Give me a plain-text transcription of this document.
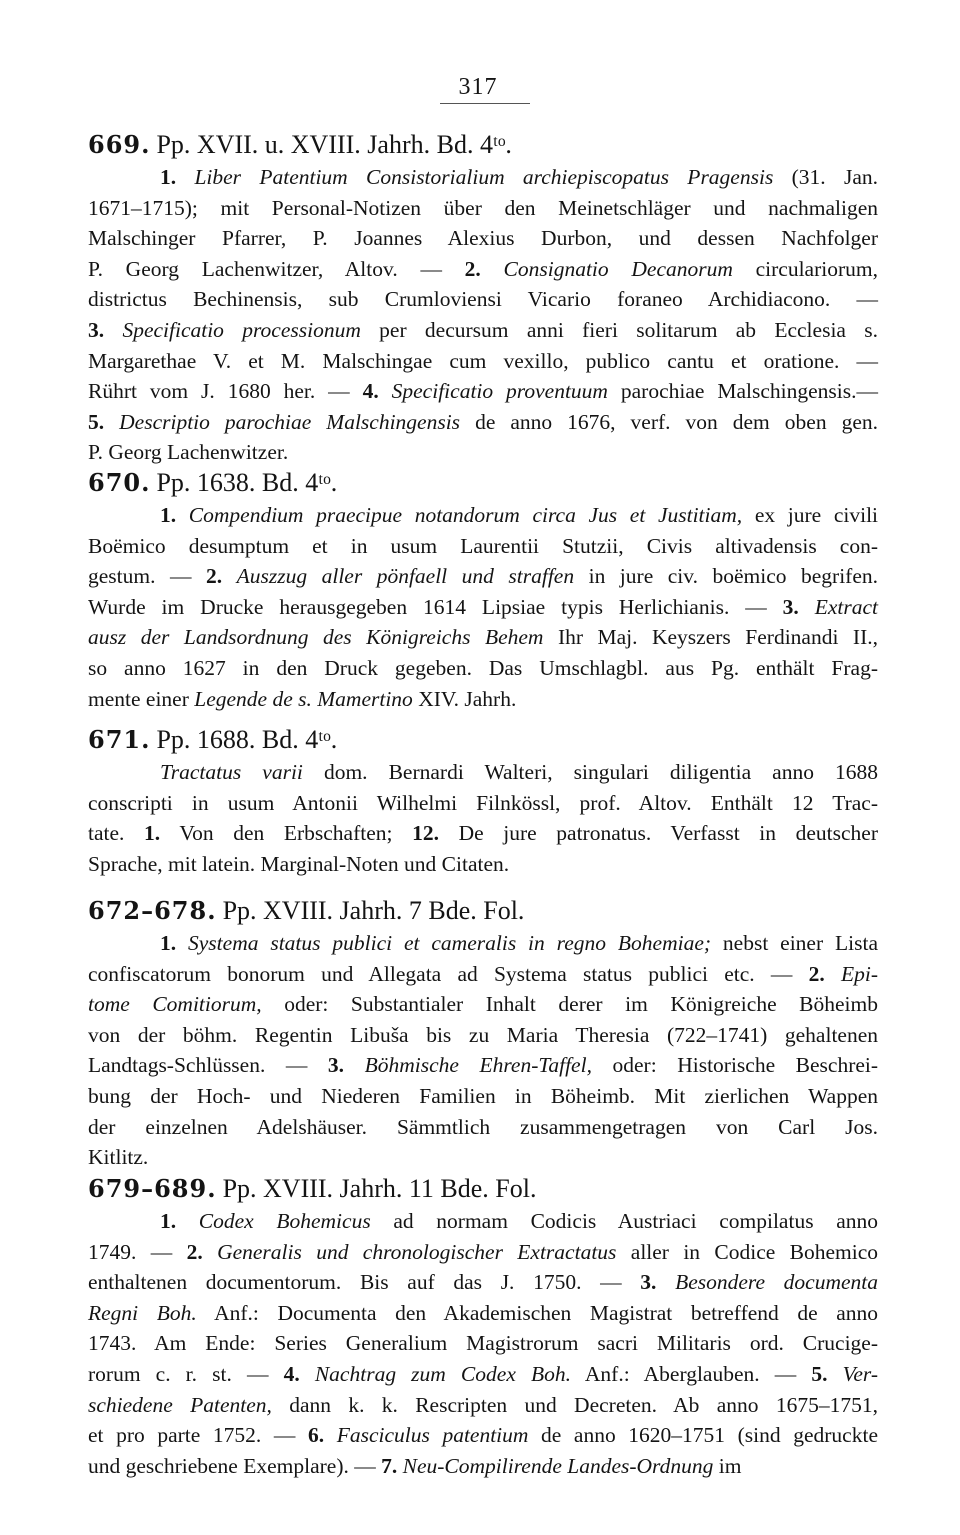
317
669. Pp. XVII. u. XVIII. Jahrh. Bd. 4ᵗᵒ.
1. Liber Patentium Consistorialium archiepiscopatus Pragensis (31. Jan.
1671–1715); mit Personal-Notizen über den Meinetschläger und nachmaligen
Malschinger Pfarrer, P. Joannes Alexius Durbon, und dessen Nachfolger
P. Georg Lachenwitzer, Altov. — 2. Consignatio Decanorum circulariorum,
districtus Bechinensis, sub Crumloviensi Vicario foraneo Archidiacono. —
3. Specificatio processionum per decursum anni fieri solitarum ab Ecclesia s.
Margarethae V. et M. Malschingae cum vexillo, publico cantu et oratione. —
Rührt vom J. 1680 her. — 4. Specificatio proventuum parochiae Malschingensis.—
5. Descriptio parochiae Malschingensis de anno 1676, verf. von dem oben gen.
P. Georg Lachenwitzer.
670. Pp. 1638. Bd. 4ᵗᵒ.
1. Compendium praecipue notandorum circa Jus et Justitiam, ex jure civili
Boëmico desumptum et in usum Laurentii Stutzii, Civis altivadensis con-
gestum. — 2. Auszzug aller pönfaell und straffen in jure civ. boëmico begrifen.
Wurde im Drucke herausgegeben 1614 Lipsiae typis Herlichianis. — 3. Extract
ausz der Landsordnung des Königreichs Behem Ihr Maj. Keyszers Ferdinandi II.,
so anno 1627 in den Druck gegeben. Das Umschlagbl. aus Pg. enthält Frag-
mente einer Legende de s. Mamertino XIV. Jahrh.
671. Pp. 1688. Bd. 4ᵗᵒ.
Tractatus varii dom. Bernardi Walteri, singulari diligentia anno 1688
conscripti in usum Antonii Wilhelmi Filnkössl, prof. Altov. Enthält 12 Trac-
tate. 1. Von den Erbschaften; 12. De jure patronatus. Verfasst in deutscher
Sprache, mit latein. Marginal-Noten und Citaten.
672–678. Pp. XVIII. Jahrh. 7 Bde. Fol.
1. Systema status publici et cameralis in regno Bohemiae; nebst einer Lista
confiscatorum bonorum und Allegata ad Systema status publici etc. — 2. Epi-
tome Comitiorum, oder: Substantialer Inhalt derer im Königreiche Böheimb
von der böhm. Regentin Libuša bis zu Maria Theresia (722–1741) gehaltenen
Landtags-Schlüssen. — 3. Böhmische Ehren-Taffel, oder: Historische Beschrei-
bung der Hoch- und Niederen Familien in Böheimb. Mit zierlichen Wappen
der einzelnen Adelshäuser. Sämmtlich zusammengetragen von Carl Jos.
Kitlitz.
679–689. Pp. XVIII. Jahrh. 11 Bde. Fol.
1. Codex Bohemicus ad normam Codicis Austriaci compilatus anno
1749. — 2. Generalis und chronologischer Extractatus aller in Codice Bohemico
enthaltenen documentorum. Bis auf das J. 1750. — 3. Besondere documenta
Regni Boh. Anf.: Documenta den Akademischen Magistrat betreffend de anno
1743. Am Ende: Series Generalium Magistrorum sacri Militaris ord. Crucige-
rorum c. r. st. — 4. Nachtrag zum Codex Boh. Anf.: Aberglauben. — 5. Ver-
schiedene Patenten, dann k. k. Rescripten und Decreten. Ab anno 1675–1751,
et pro parte 1752. — 6. Fasciculus patentium de anno 1620–1751 (sind gedruckte
und geschriebene Exemplare). — 7. Neu-Compilirende Landes-Ordnung im
